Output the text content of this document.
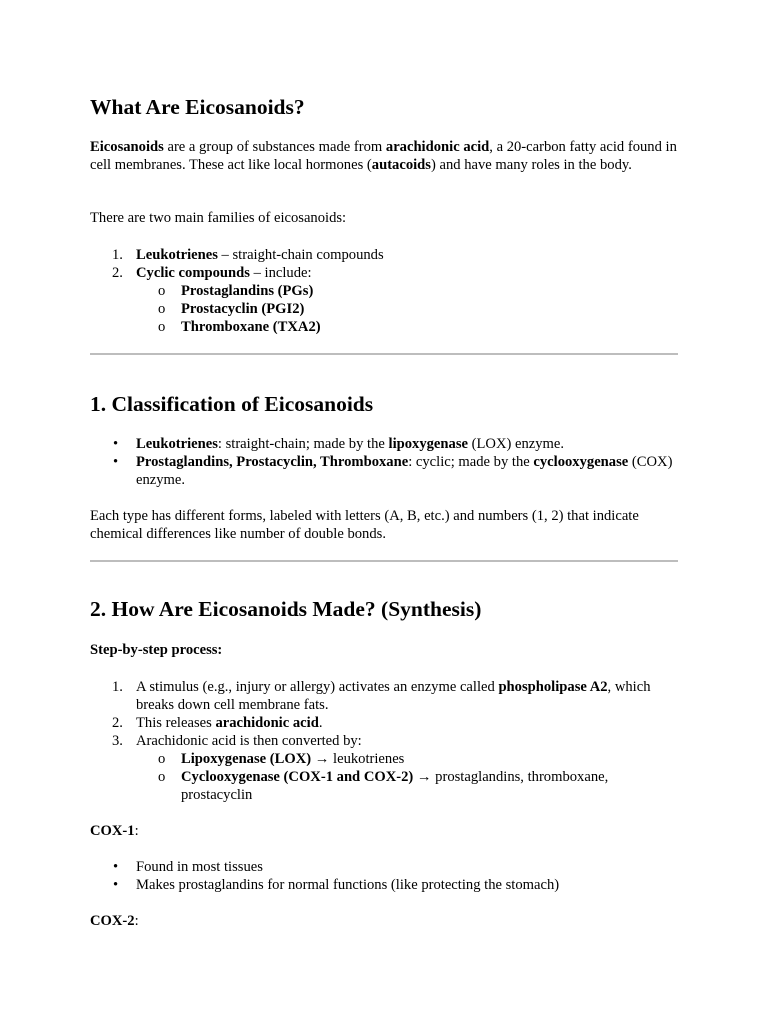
What Are Eicosanoids?

Eicosanoids are a group of substances made from arachidonic acid, a 20-carbon fatty acid found in cell membranes. These act like local hormones (autacoids) and have many roles in the body.

There are two main families of eicosanoids:

1. Leukotrienes – straight-chain compounds
2. Cyclic compounds – include:
o Prostaglandins (PGs)
o Prostacyclin (PGI2)
o Thromboxane (TXA2)
1. Classification of Eicosanoids
• Leukotrienes: straight-chain; made by the lipoxygenase (LOX) enzyme.
• Prostaglandins, Prostacyclin, Thromboxane: cyclic; made by the cyclooxygenase (COX) enzyme.

Each type has different forms, labeled with letters (A, B, etc.) and numbers (1, 2) that indicate chemical differences like number of double bonds.

2. How Are Eicosanoids Made? (Synthesis)

Step-by-step process:

1. A stimulus (e.g., injury or allergy) activates an enzyme called phospholipase A2, which breaks down cell membrane fats.
2. This releases arachidonic acid.
3. Arachidonic acid is then converted by:
o Lipoxygenase (LOX) → leukotrienes
o Cyclooxygenase (COX-1 and COX-2) → prostaglandins, thromboxane, prostacyclin

COX-1:

• Found in most tissues
• Makes prostaglandins for normal functions (like protecting the stomach)

COX-2:
